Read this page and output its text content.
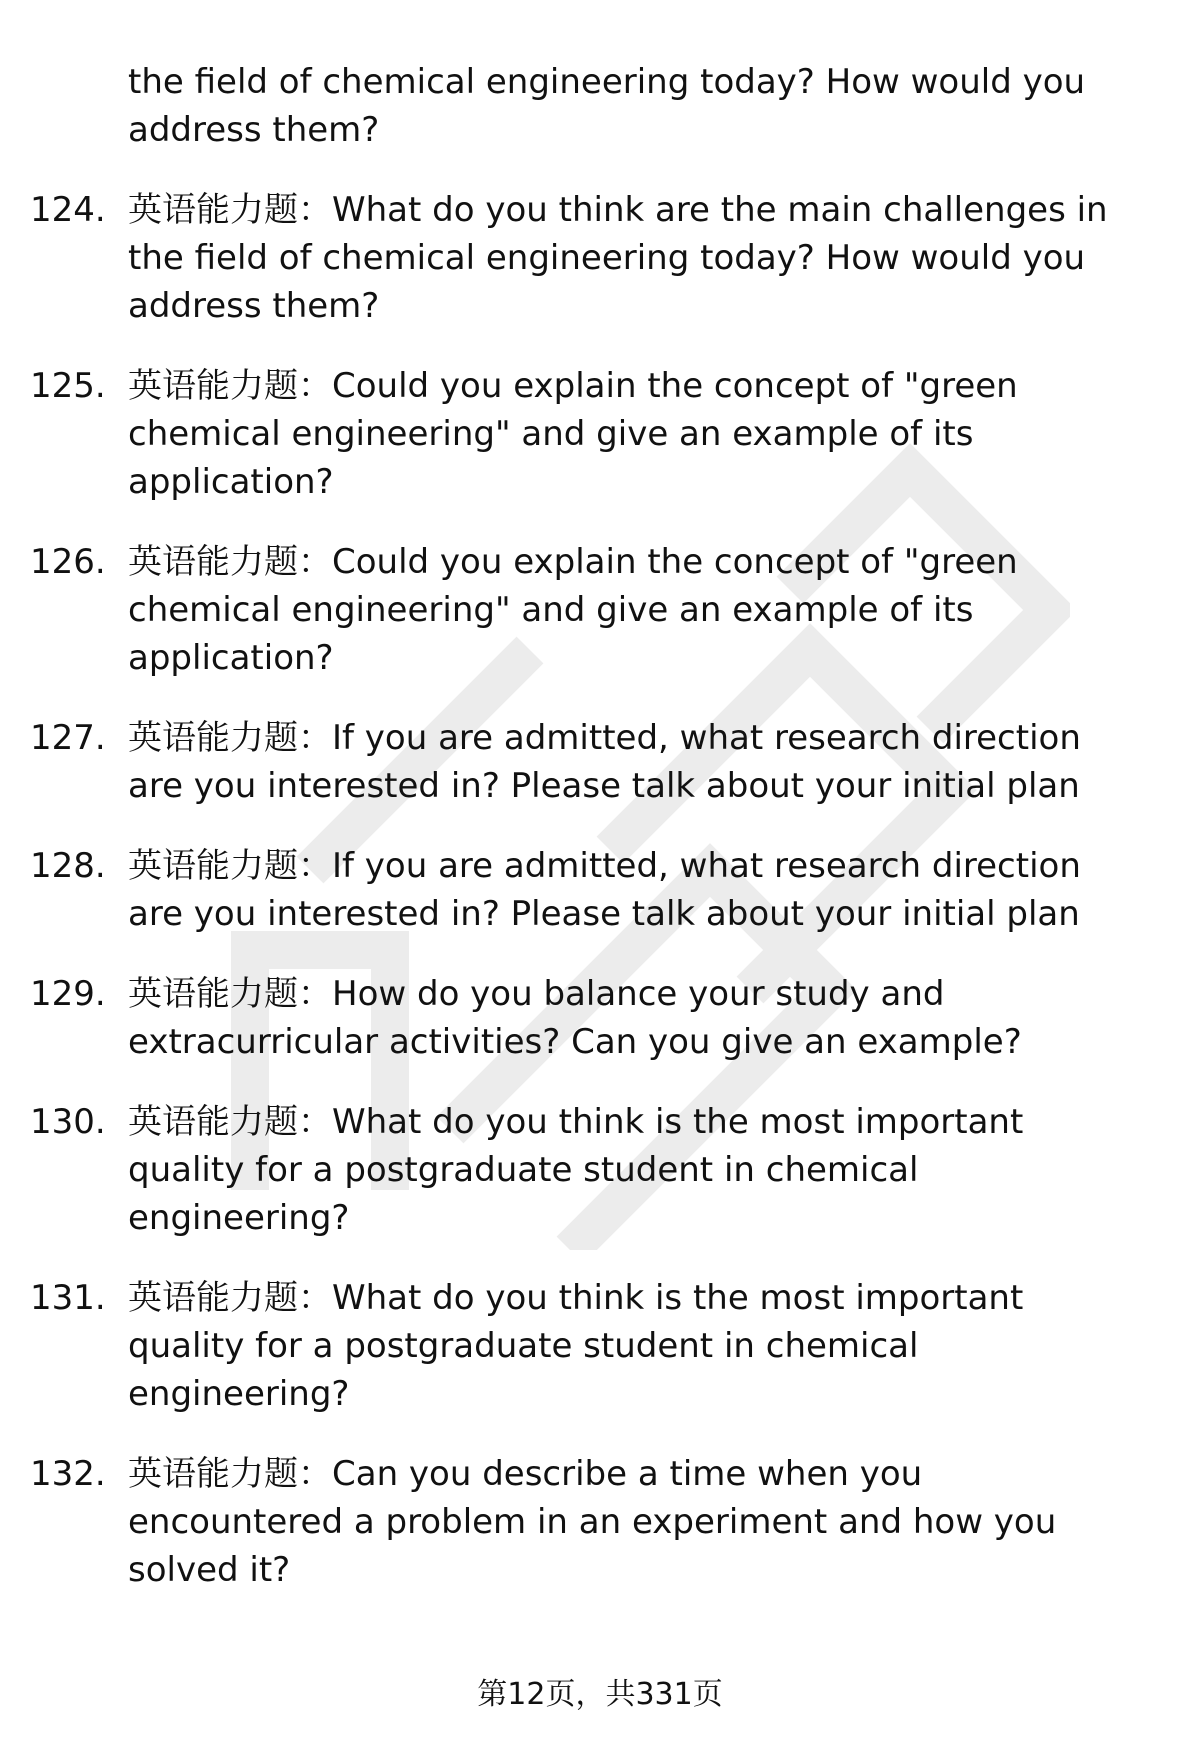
the field of chemical engineering today? How would you address them?
124. 英语能力题：What do you think are the main challenges in the field of chemical engineering today? How would you address them?
125. 英语能力题：Could you explain the concept of "green chemical engineering" and give an example of its application?
126. 英语能力题：Could you explain the concept of "green chemical engineering" and give an example of its application?
127. 英语能力题：If you are admitted, what research direction are you interested in? Please talk about your initial plan
128. 英语能力题：If you are admitted, what research direction are you interested in? Please talk about your initial plan
129. 英语能力题：How do you balance your study and extracurricular activities? Can you give an example?
130. 英语能力题：What do you think is the most important quality for a postgraduate student in chemical engineering?
131. 英语能力题：What do you think is the most important quality for a postgraduate student in chemical engineering?
132. 英语能力题：Can you describe a time when you encountered a problem in an experiment and how you solved it?
第12页，共331页
